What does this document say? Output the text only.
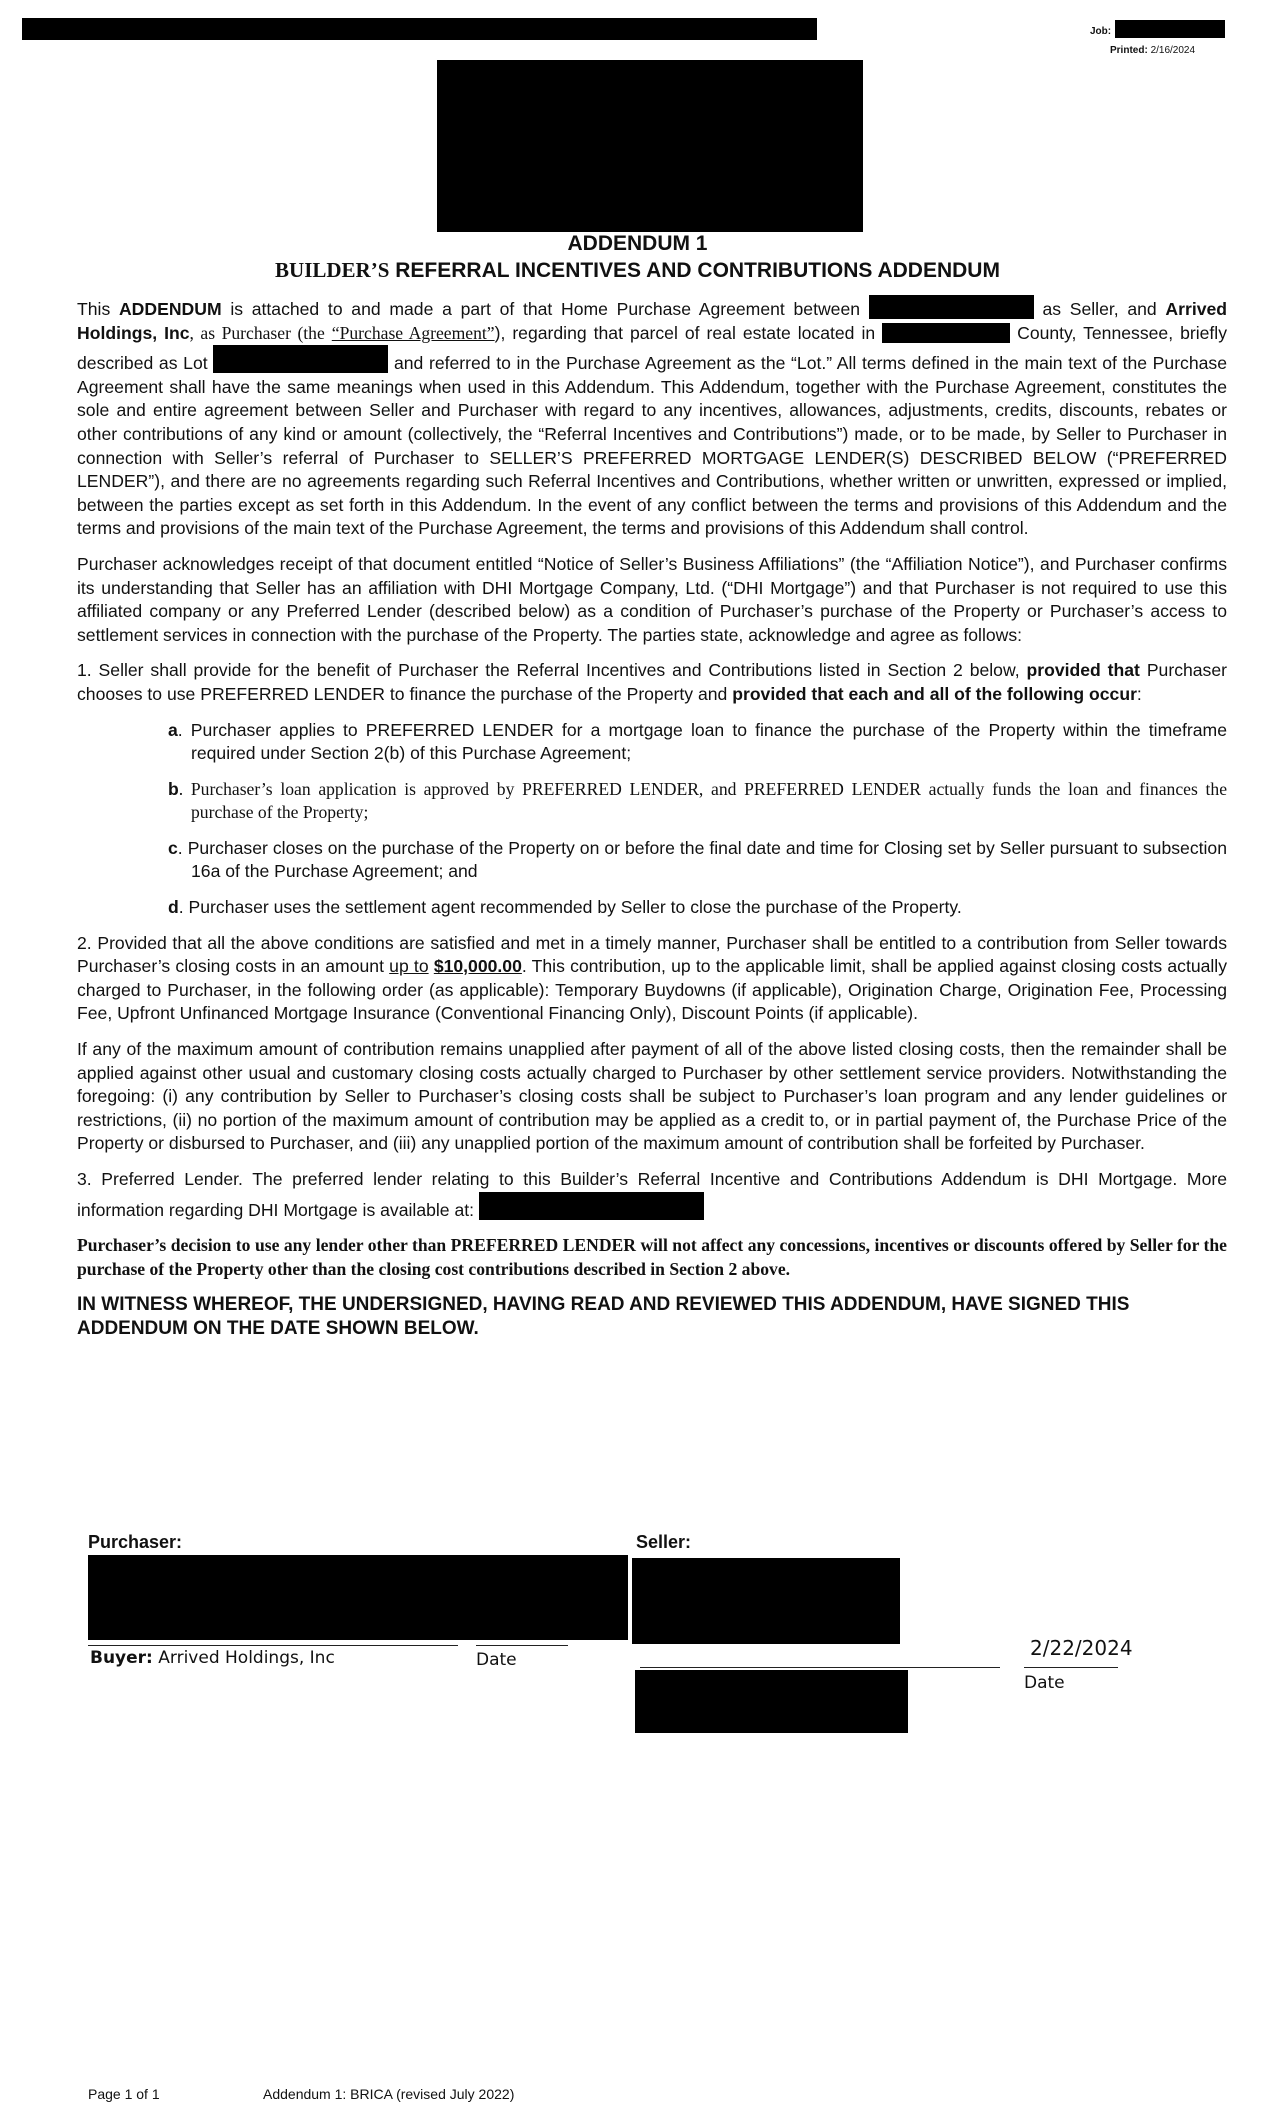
Job:
Printed: 2/16/2024
ADDENDUM 1
BUILDER’S REFERRAL INCENTIVES AND CONTRIBUTIONS ADDENDUM

This ADDENDUM is attached to and made a part of that Home Purchase Agreement between	as Seller, and Arrived Holdings, Inc, as Purchaser (the “Purchase Agreement”), regarding that parcel of real estate located in	County, Tennessee, briefly described as Lot	and referred to in the Purchase Agreement as the “Lot.” All terms defined in the main text of the Purchase Agreement shall have the same meanings when used in this Addendum. This Addendum, together with the Purchase Agreement, constitutes the sole and entire agreement between Seller and Purchaser with regard to any incentives, allowances, adjustments, credits, discounts, rebates or other contributions of any kind or amount (collectively, the “Referral Incentives and Contributions”) made, or to be made, by Seller to Purchaser in connection with Seller’s referral of Purchaser to SELLER’S PREFERRED MORTGAGE LENDER(S) DESCRIBED BELOW (“PREFERRED LENDER”), and there are no agreements regarding such Referral Incentives and Contributions, whether written or unwritten, expressed or implied, between the parties except as set forth in this Addendum. In the event of any conflict between the terms and provisions of this Addendum and the terms and provisions of the main text of the Purchase Agreement, the terms and provisions of this Addendum shall control.

Purchaser acknowledges receipt of that document entitled “Notice of Seller’s Business Affiliations” (the “Affiliation Notice”), and Purchaser confirms its understanding that Seller has an affiliation with DHI Mortgage Company, Ltd. (“DHI Mortgage”) and that Purchaser is not required to use this affiliated company or any Preferred Lender (described below) as a condition of Purchaser’s purchase of the Property or Purchaser’s access to settlement services in connection with the purchase of the Property. The parties state, acknowledge and agree as follows:

1. Seller shall provide for the benefit of Purchaser the Referral Incentives and Contributions listed in Section 2 below, provided that Purchaser chooses to use PREFERRED LENDER to finance the purchase of the Property and provided that each and all of the following occur:

a. Purchaser applies to PREFERRED LENDER for a mortgage loan to finance the purchase of the Property within the timeframe required under Section 2(b) of this Purchase Agreement;

b. Purchaser’s loan application is approved by PREFERRED LENDER, and PREFERRED LENDER actually funds the loan and finances the purchase of the Property;

c. Purchaser closes on the purchase of the Property on or before the final date and time for Closing set by Seller pursuant to subsection 16a of the Purchase Agreement; and

d. Purchaser uses the settlement agent recommended by Seller to close the purchase of the Property.

2. Provided that all the above conditions are satisfied and met in a timely manner, Purchaser shall be entitled to a contribution from Seller towards Purchaser’s closing costs in an amount up to $10,000.00. This contribution, up to the applicable limit, shall be applied against closing costs actually charged to Purchaser, in the following order (as applicable): Temporary Buydowns (if applicable), Origination Charge, Origination Fee, Processing Fee, Upfront Unfinanced Mortgage Insurance (Conventional Financing Only), Discount Points (if applicable).

If any of the maximum amount of contribution remains unapplied after payment of all of the above listed closing costs, then the remainder shall be applied against other usual and customary closing costs actually charged to Purchaser by other settlement service providers. Notwithstanding the foregoing: (i) any contribution by Seller to Purchaser’s closing costs shall be subject to Purchaser’s loan program and any lender guidelines or restrictions, (ii) no portion of the maximum amount of contribution may be applied as a credit to, or in partial payment of, the Purchase Price of the Property or disbursed to Purchaser, and (iii) any unapplied portion of the maximum amount of contribution shall be forfeited by Purchaser.

3. Preferred Lender. The preferred lender relating to this Builder’s Referral Incentive and Contributions Addendum is DHI Mortgage. More information regarding DHI Mortgage is available at:

Purchaser’s decision to use any lender other than PREFERRED LENDER will not affect any concessions, incentives or discounts offered by Seller for the purchase of the Property other than the closing cost contributions described in Section 2 above.

IN WITNESS WHEREOF, THE UNDERSIGNED, HAVING READ AND REVIEWED THIS ADDENDUM, HAVE SIGNED THIS ADDENDUM ON THE DATE SHOWN BELOW.

Purchaser:	Seller:
Buyer: Arrived Holdings, Inc	Date	2/22/2024
Date
Page 1 of 1	Addendum 1: BRICA (revised July 2022)
